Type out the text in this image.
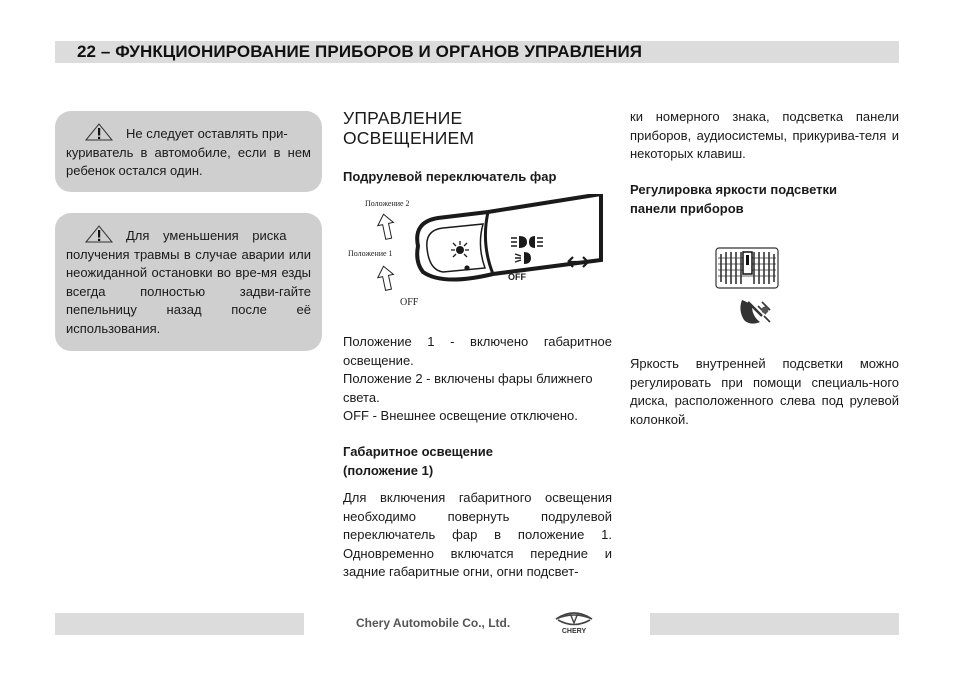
22 – ФУНКЦИОНИРОВАНИЕ ПРИБОРОВ И ОРГАНОВ УПРАВЛЕНИЯ
Не следует оставлять при-
куриватель в автомобиле, если в нем ребенок остался один.
Для уменьшения риска
получения травмы в случае аварии или неожиданной остановки во вре-мя езды всегда полностью задви-гайте пепельницу назад после её использования.
УПРАВЛЕНИЕ
ОСВЕЩЕНИЕМ
Подрулевой переключатель фар
Положение 2
Положение 1
OFF
OFF
Положение 1 - включено габаритное освещение.
Положение 2 - включены фары ближнего света.
OFF - Внешнее освещение отключено.
Габаритное освещение
(положение 1)
Для включения габаритного освещения необходимо повернуть подрулевой переключатель фар в положение 1. Одновременно включатся передние и задние габаритные огни, огни подсвет-
ки номерного знака, подсветка панели приборов, аудиосистемы, прикурива-теля и некоторых клавиш.
Регулировка яркости подсветки
панели приборов
Яркость внутренней подсветки можно регулировать при помощи специаль-ного диска, расположенного слева под рулевой колонкой.
Chery Automobile Co., Ltd.
CHERY
